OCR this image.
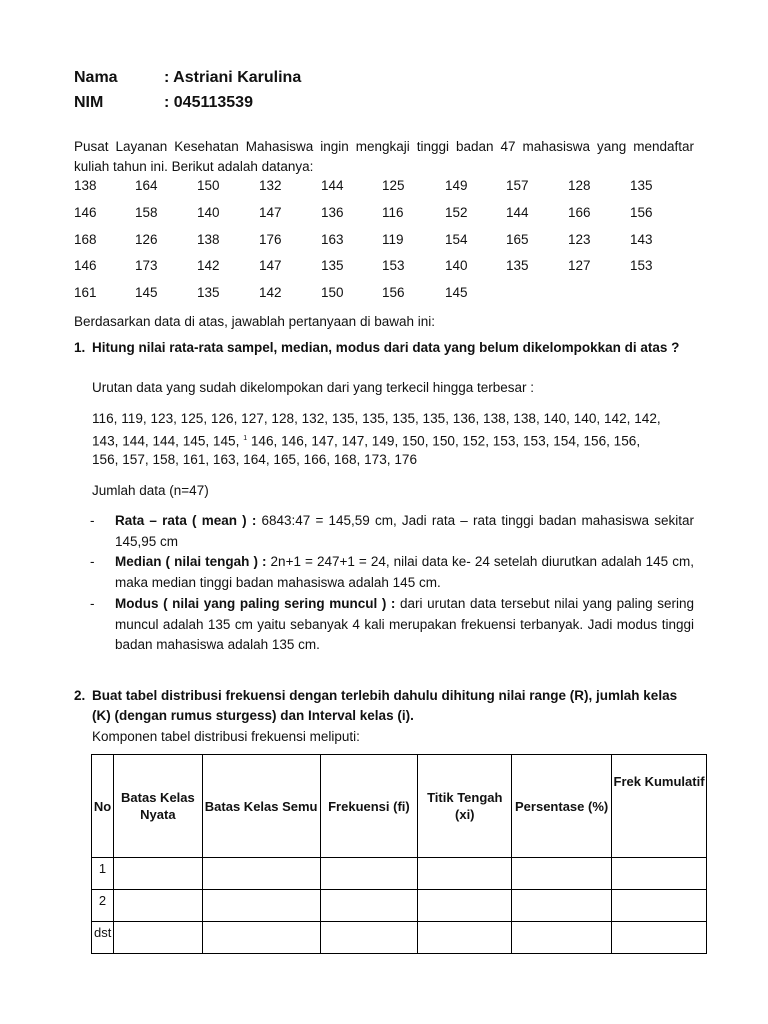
Nama	: Astriani Karulina
NIM	: 045113539
Pusat Layanan Kesehatan Mahasiswa ingin mengkaji tinggi badan 47 mahasiswa yang mendaftar kuliah tahun ini. Berikut adalah datanya:
138	164	150	132	144	125	149	157	128	135
146	158	140	147	136	116	152	144	166	156
168	126	138	176	163	119	154	165	123	143
146	173	142	147	135	153	140	135	127	153
161	145	135	142	150	156	145
Berdasarkan data di atas, jawablah pertanyaan di bawah ini:
1. Hitung nilai rata-rata sampel, median, modus dari data yang belum dikelompokkan di atas ?
Urutan data yang sudah dikelompokan dari yang terkecil hingga terbesar :
116, 119, 123, 125, 126, 127, 128, 132, 135, 135, 135, 135, 136, 138, 138, 140, 140, 142, 142,
143, 144, 144, 145, 145, $^1$ 146, 146, 147, 147, 149, 150, 150, 152, 153, 153, 154, 156, 156,
156, 157, 158, 161, 163, 164, 165, 166, 168, 173, 176
Jumlah data (n=47)
- Rata – rata ( mean ) : 6843:47 = 145,59 cm, Jadi rata – rata tinggi badan mahasiswa sekitar 145,95 cm
- Median ( nilai tengah ) : 2n+1 = 247+1 = 24, nilai data ke- 24 setelah diurutkan adalah 145 cm, maka median tinggi badan mahasiswa adalah 145 cm.
- Modus ( nilai yang paling sering muncul ) : dari urutan data tersebut nilai yang paling sering muncul adalah 135 cm yaitu sebanyak 4 kali merupakan frekuensi terbanyak. Jadi modus tinggi badan mahasiswa adalah 135 cm.
2. Buat tabel distribusi frekuensi dengan terlebih dahulu dihitung nilai range (R), jumlah kelas (K) (dengan rumus sturgess) dan Interval kelas (i).
Komponen tabel distribusi frekuensi meliputi:
No	Batas Kelas Nyata	Batas Kelas Semu	Frekuensi (fi)	Titik Tengah (xi)	Persentase (%)	Frek Kumulatif
1						
2						
dst						
